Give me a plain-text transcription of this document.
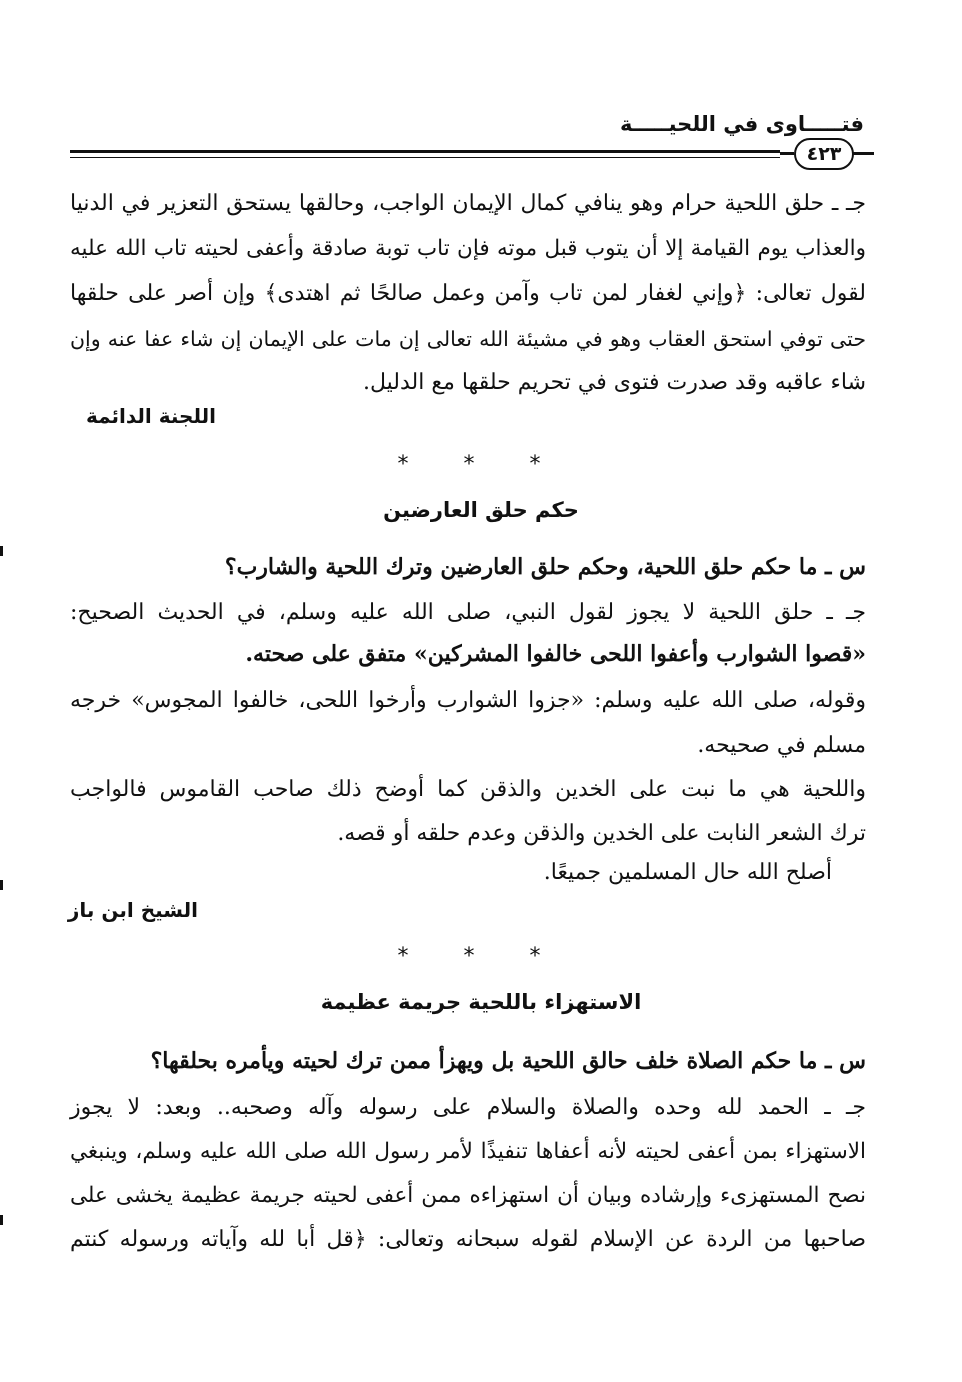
فتـــــاوى في اللحيـــــة
٤٢٣
جـ ـ حلق اللحية حرام وهو ينافي كمال الإيمان الواجب، وحالقها يستحق التعزير في الدنيا
والعذاب يوم القيامة إلا أن يتوب قبل موته فإن تاب توبة صادقة وأعفى لحيته تاب الله عليه
لقول تعالى: ﴿وإني لغفار لمن تاب وآمن وعمل صالحًا ثم اهتدى﴾ وإن أصر على حلقها
حتى توفي استحق العقاب وهو في مشيئة الله تعالى إن مات على الإيمان إن شاء عفا عنه وإن
شاء عاقبه وقد صدرت فتوى في تحريم حلقها مع الدليل.
اللجنة الدائمة
* * *
حكم حلق العارضين
س ـ ما حكم حلق اللحية، وحكم حلق العارضين وترك اللحية والشارب؟
جـ ـ حلق اللحية لا يجوز لقول النبي، صلى الله عليه وسلم، في الحديث الصحيح:
«قصوا الشوارب وأعفوا اللحى خالفوا المشركين» متفق على صحته.
وقوله، صلى الله عليه وسلم: «جزوا الشوارب وأرخوا اللحى، خالفوا المجوس» خرجه
مسلم في صحيحه.
واللحية هي ما نبت على الخدين والذقن كما أوضح ذلك صاحب القاموس فالواجب
ترك الشعر النابت على الخدين والذقن وعدم حلقه أو قصه.
أصلح الله حال المسلمين جميعًا.
الشيخ ابن باز
* * *
الاستهزاء باللحية جريمة عظيمة
س ـ ما حكم الصلاة خلف حالق اللحية بل ويهزأ ممن ترك لحيته ويأمره بحلقها؟
جـ ـ الحمد لله وحده والصلاة والسلام على رسوله وآله وصحبه.. وبعد: لا يجوز
الاستهزاء بمن أعفى لحيته لأنه أعفاها تنفيذًا لأمر رسول الله صلى الله عليه وسلم، وينبغي
نصح المستهزىء وإرشاده وبيان أن استهزاءه ممن أعفى لحيته جريمة عظيمة يخشى على
صاحبها من الردة عن الإسلام لقوله سبحانه وتعالى: ﴿قل أبا لله وآياته ورسوله كنتم
